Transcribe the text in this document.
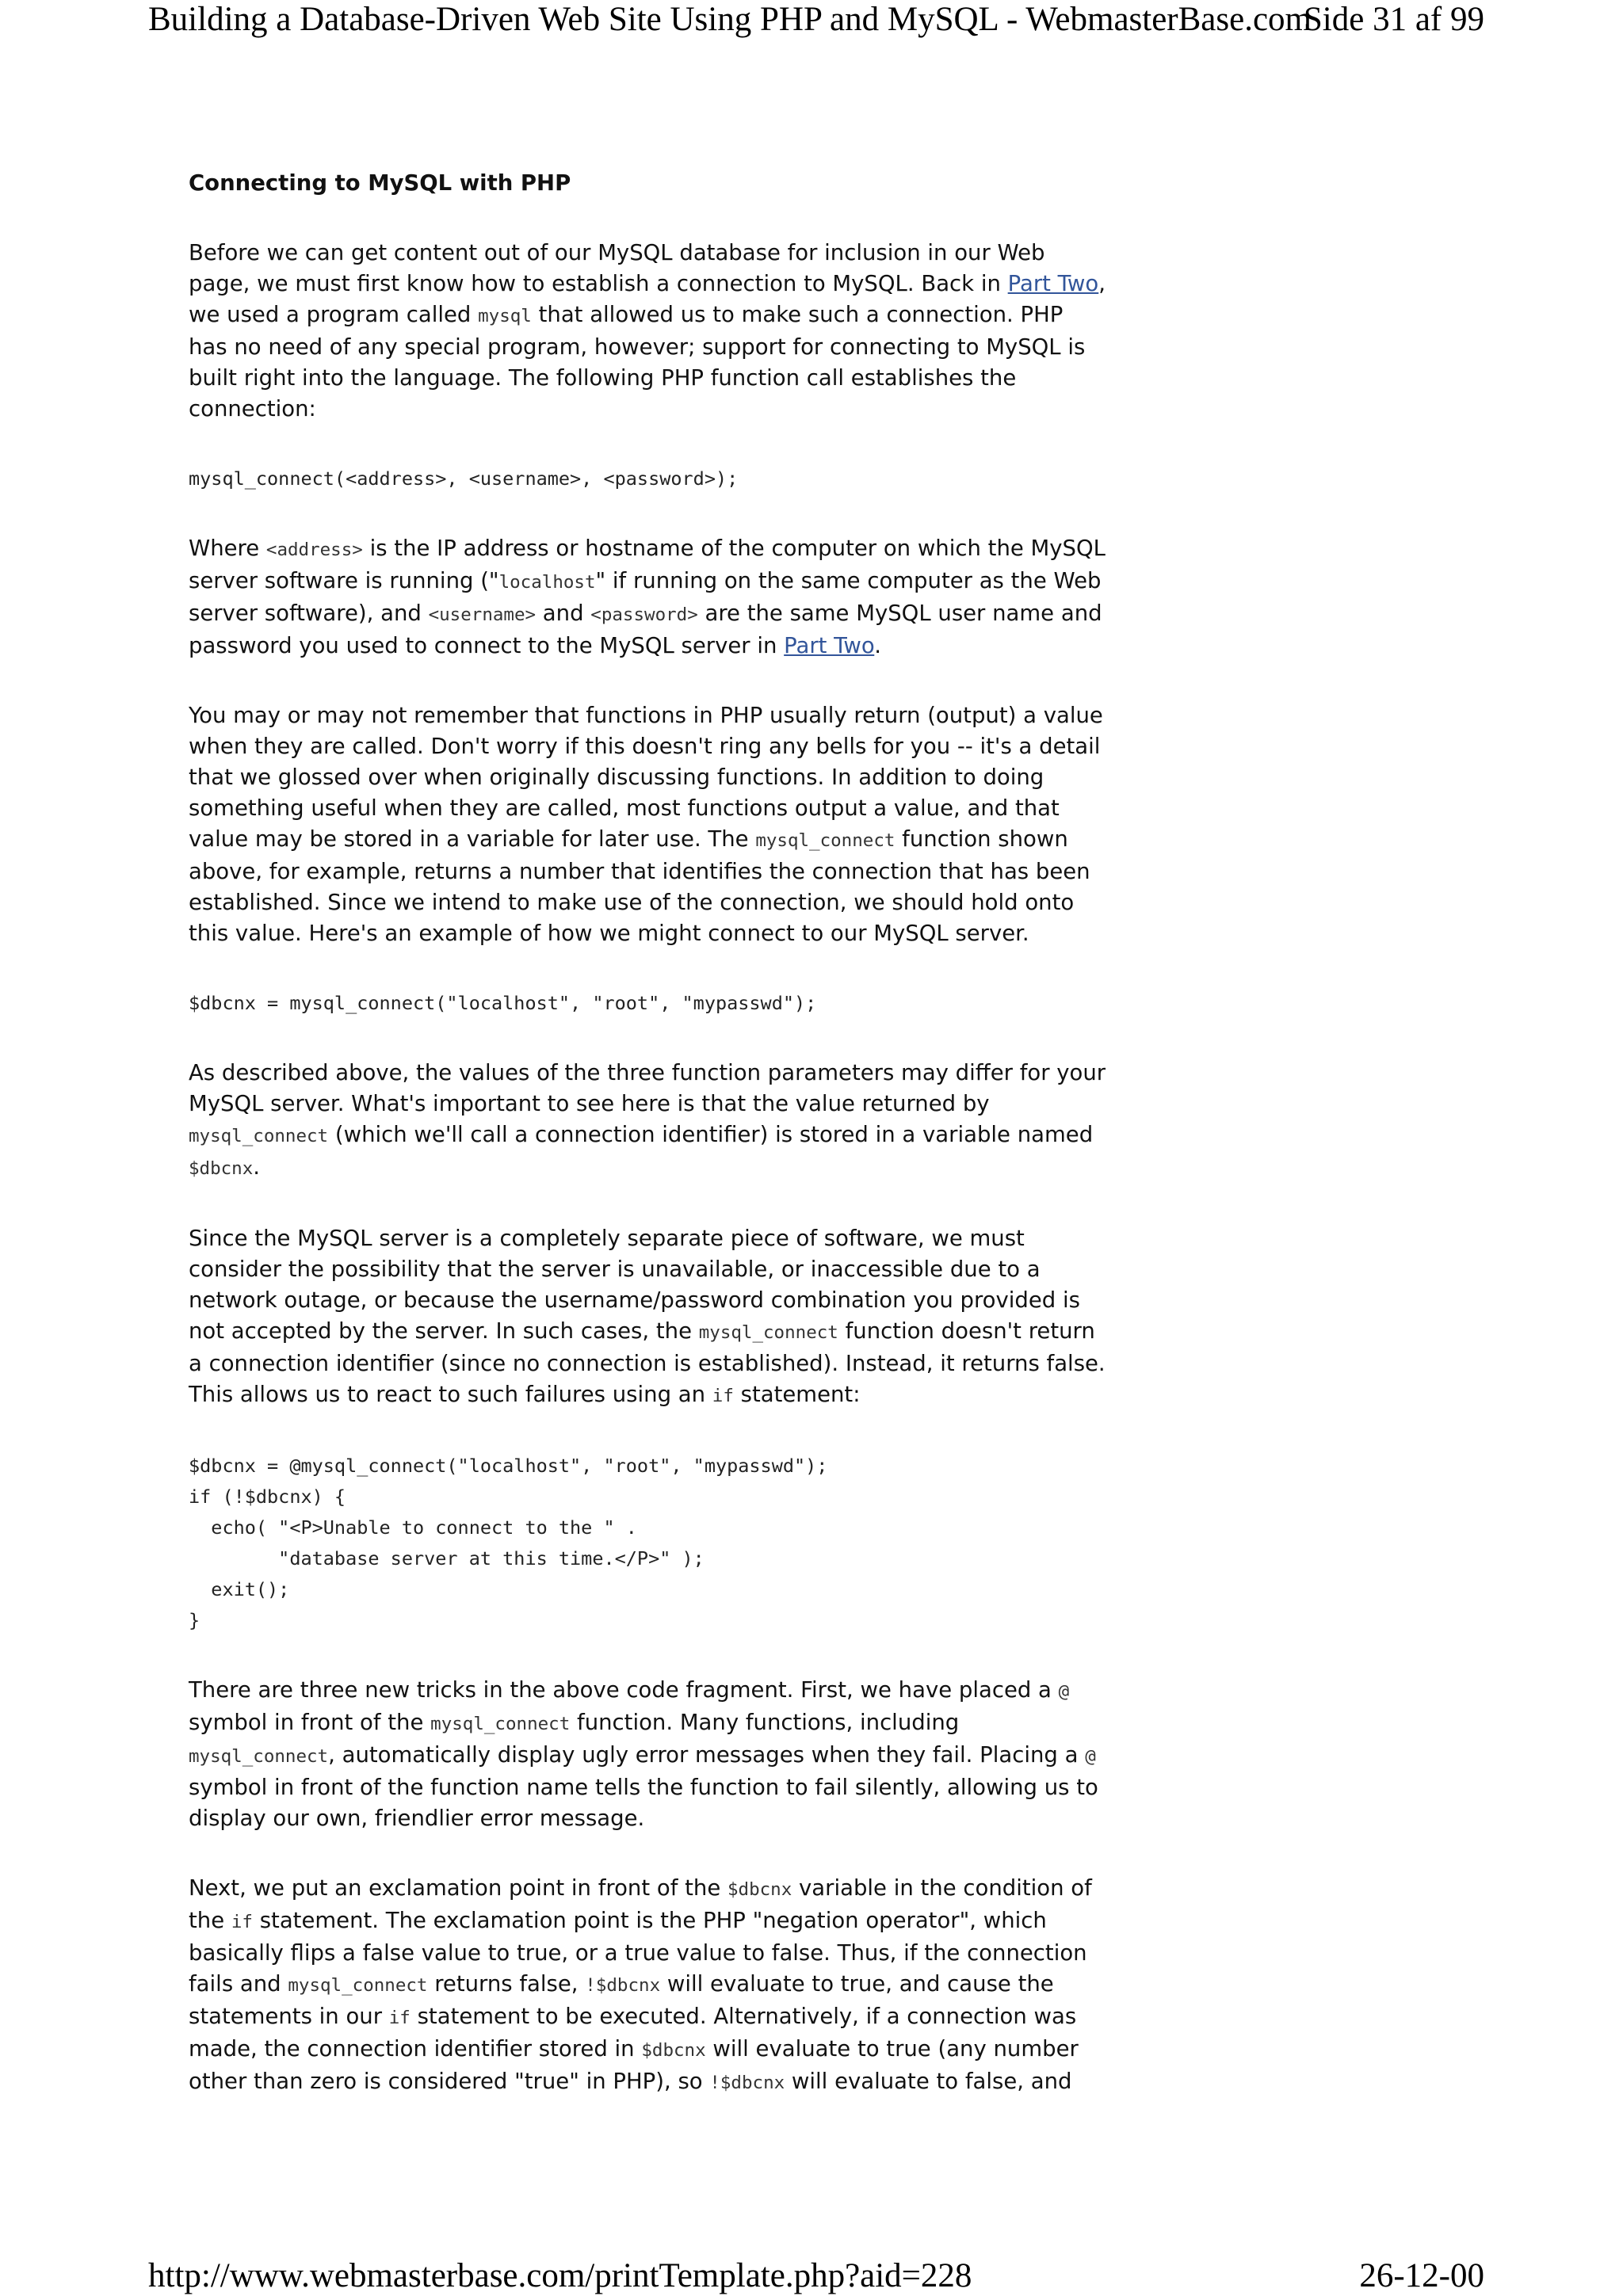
Building a Database-Driven Web Site Using PHP and MySQL - WebmasterBase.com
Side 31 af 99
Connecting to MySQL with PHP

Before we can get content out of our MySQL database for inclusion in our Web page, we must first know how to establish a connection to MySQL. Back in Part Two, we used a program called mysql that allowed us to make such a connection. PHP has no need of any special program, however; support for connecting to MySQL is built right into the language. The following PHP function call establishes the connection:

mysql_connect(<address>, <username>, <password>);

Where <address> is the IP address or hostname of the computer on which the MySQL server software is running ("localhost" if running on the same computer as the Web server software), and <username> and <password> are the same MySQL user name and password you used to connect to the MySQL server in Part Two.

You may or may not remember that functions in PHP usually return (output) a value when they are called. Don't worry if this doesn't ring any bells for you -- it's a detail that we glossed over when originally discussing functions. In addition to doing something useful when they are called, most functions output a value, and that value may be stored in a variable for later use. The mysql_connect function shown above, for example, returns a number that identifies the connection that has been established. Since we intend to make use of the connection, we should hold onto this value. Here's an example of how we might connect to our MySQL server.

$dbcnx = mysql_connect("localhost", "root", "mypasswd");

As described above, the values of the three function parameters may differ for your MySQL server. What's important to see here is that the value returned by mysql_connect (which we'll call a connection identifier) is stored in a variable named $dbcnx.

Since the MySQL server is a completely separate piece of software, we must consider the possibility that the server is unavailable, or inaccessible due to a network outage, or because the username/password combination you provided is not accepted by the server. In such cases, the mysql_connect function doesn't return a connection identifier (since no connection is established). Instead, it returns false. This allows us to react to such failures using an if statement:

$dbcnx = @mysql_connect("localhost", "root", "mypasswd");
if (!$dbcnx) {
echo( "<P>Unable to connect to the " .
"database server at this time.</P>" );
exit();
}

There are three new tricks in the above code fragment. First, we have placed a @ symbol in front of the mysql_connect function. Many functions, including mysql_connect, automatically display ugly error messages when they fail. Placing a @ symbol in front of the function name tells the function to fail silently, allowing us to display our own, friendlier error message.

Next, we put an exclamation point in front of the $dbcnx variable in the condition of the if statement. The exclamation point is the PHP "negation operator", which basically flips a false value to true, or a true value to false. Thus, if the connection fails and mysql_connect returns false, !$dbcnx will evaluate to true, and cause the statements in our if statement to be executed. Alternatively, if a connection was made, the connection identifier stored in $dbcnx will evaluate to true (any number other than zero is considered "true" in PHP), so !$dbcnx will evaluate to false, and

http://www.webmasterbase.com/printTemplate.php?aid=228	26-12-00
